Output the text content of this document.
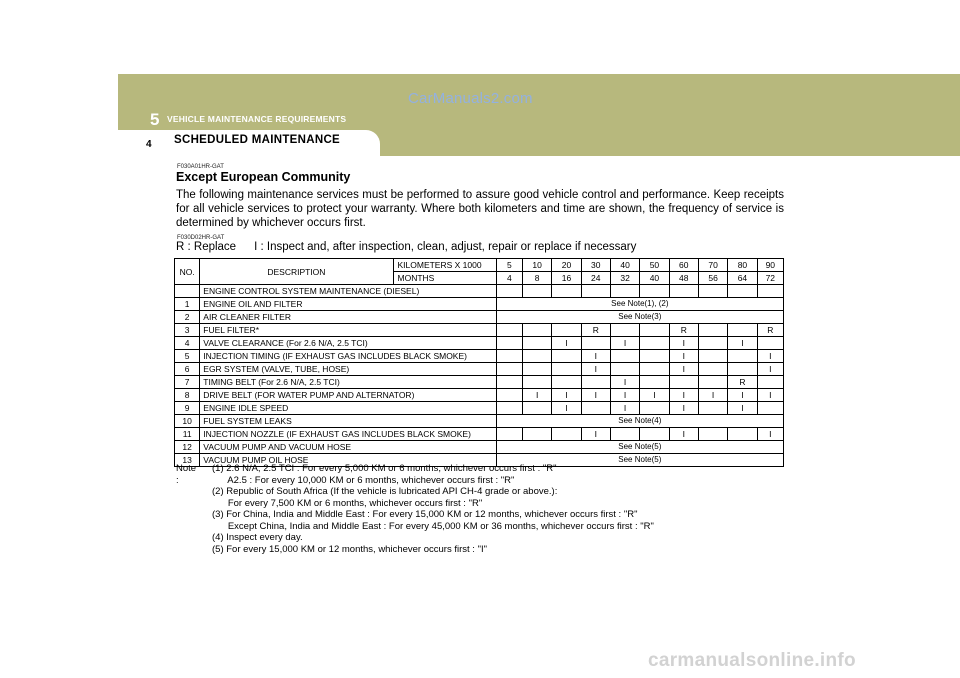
5 VEHICLE MAINTENANCE REQUIREMENTS
CarManuals2.com
4 SCHEDULED MAINTENANCE
F030A01HR-GAT
Except European Community
The following maintenance services must be performed to assure good vehicle control and performance. Keep receipts for all vehicle services to protect your warranty. Where both kilometers and time are shown, the frequency of service is determined by whichever occurs first.
F030D02HR-GAT
R : Replace I : Inspect and, after inspection, clean, adjust, repair or replace if necessary
NO.	DESCRIPTION	KILOMETERS X 1000	5	10	20	30	40	50	60	70	80	90
		MONTHS	4	8	16	24	32	40	48	56	64	72
	ENGINE CONTROL SYSTEM MAINTENANCE (DIESEL)											
1	ENGINE OIL AND FILTER		See Note(1), (2)									
2	AIR CLEANER FILTER		See Note(3)									
3	FUEL FILTER*					R			R			R
4	VALVE CLEARANCE (For 2.6 N/A, 2.5 TCI)				I		I		I		I	
5	INJECTION TIMING (IF EXHAUST GAS INCLUDES BLACK SMOKE)					I			I			I
6	EGR SYSTEM (VALVE, TUBE, HOSE)					I			I			I
7	TIMING BELT (For 2.6 N/A, 2.5 TCI)						I				R	
8	DRIVE BELT (FOR WATER PUMP AND ALTERNATOR)			I	I	I	I	I	I	I	I	I
9	ENGINE IDLE SPEED				I		I		I		I	
10	FUEL SYSTEM LEAKS		See Note(4)									
11	INJECTION NOZZLE (IF EXHAUST GAS INCLUDES BLACK SMOKE)					I			I			I
12	VACUUM PUMP AND VACUUM HOSE		See Note(5)									
13	VACUUM PUMP OIL HOSE		See Note(5)									
Note :
(1) 2.6 N/A, 2.5 TCI : For every 5,000 KM or 6 months, whichever occurs first : "R"
A2.5 : For every 10,000 KM or 6 months, whichever occurs first : "R"
(2) Republic of South Africa (If the vehicle is lubricated API CH-4 grade or above.):
For every 7,500 KM or 6 months, whichever occurs first : "R"
(3) For China, India and Middle East : For every 15,000 KM or 12 months, whichever occurs first : "R"
Except China, India and Middle East : For every 45,000 KM or 36 months, whichever occurs first : "R"
(4) Inspect every day.
(5) For every 15,000 KM or 12 months, whichever occurs first : "I"
carmanualsonline.info
